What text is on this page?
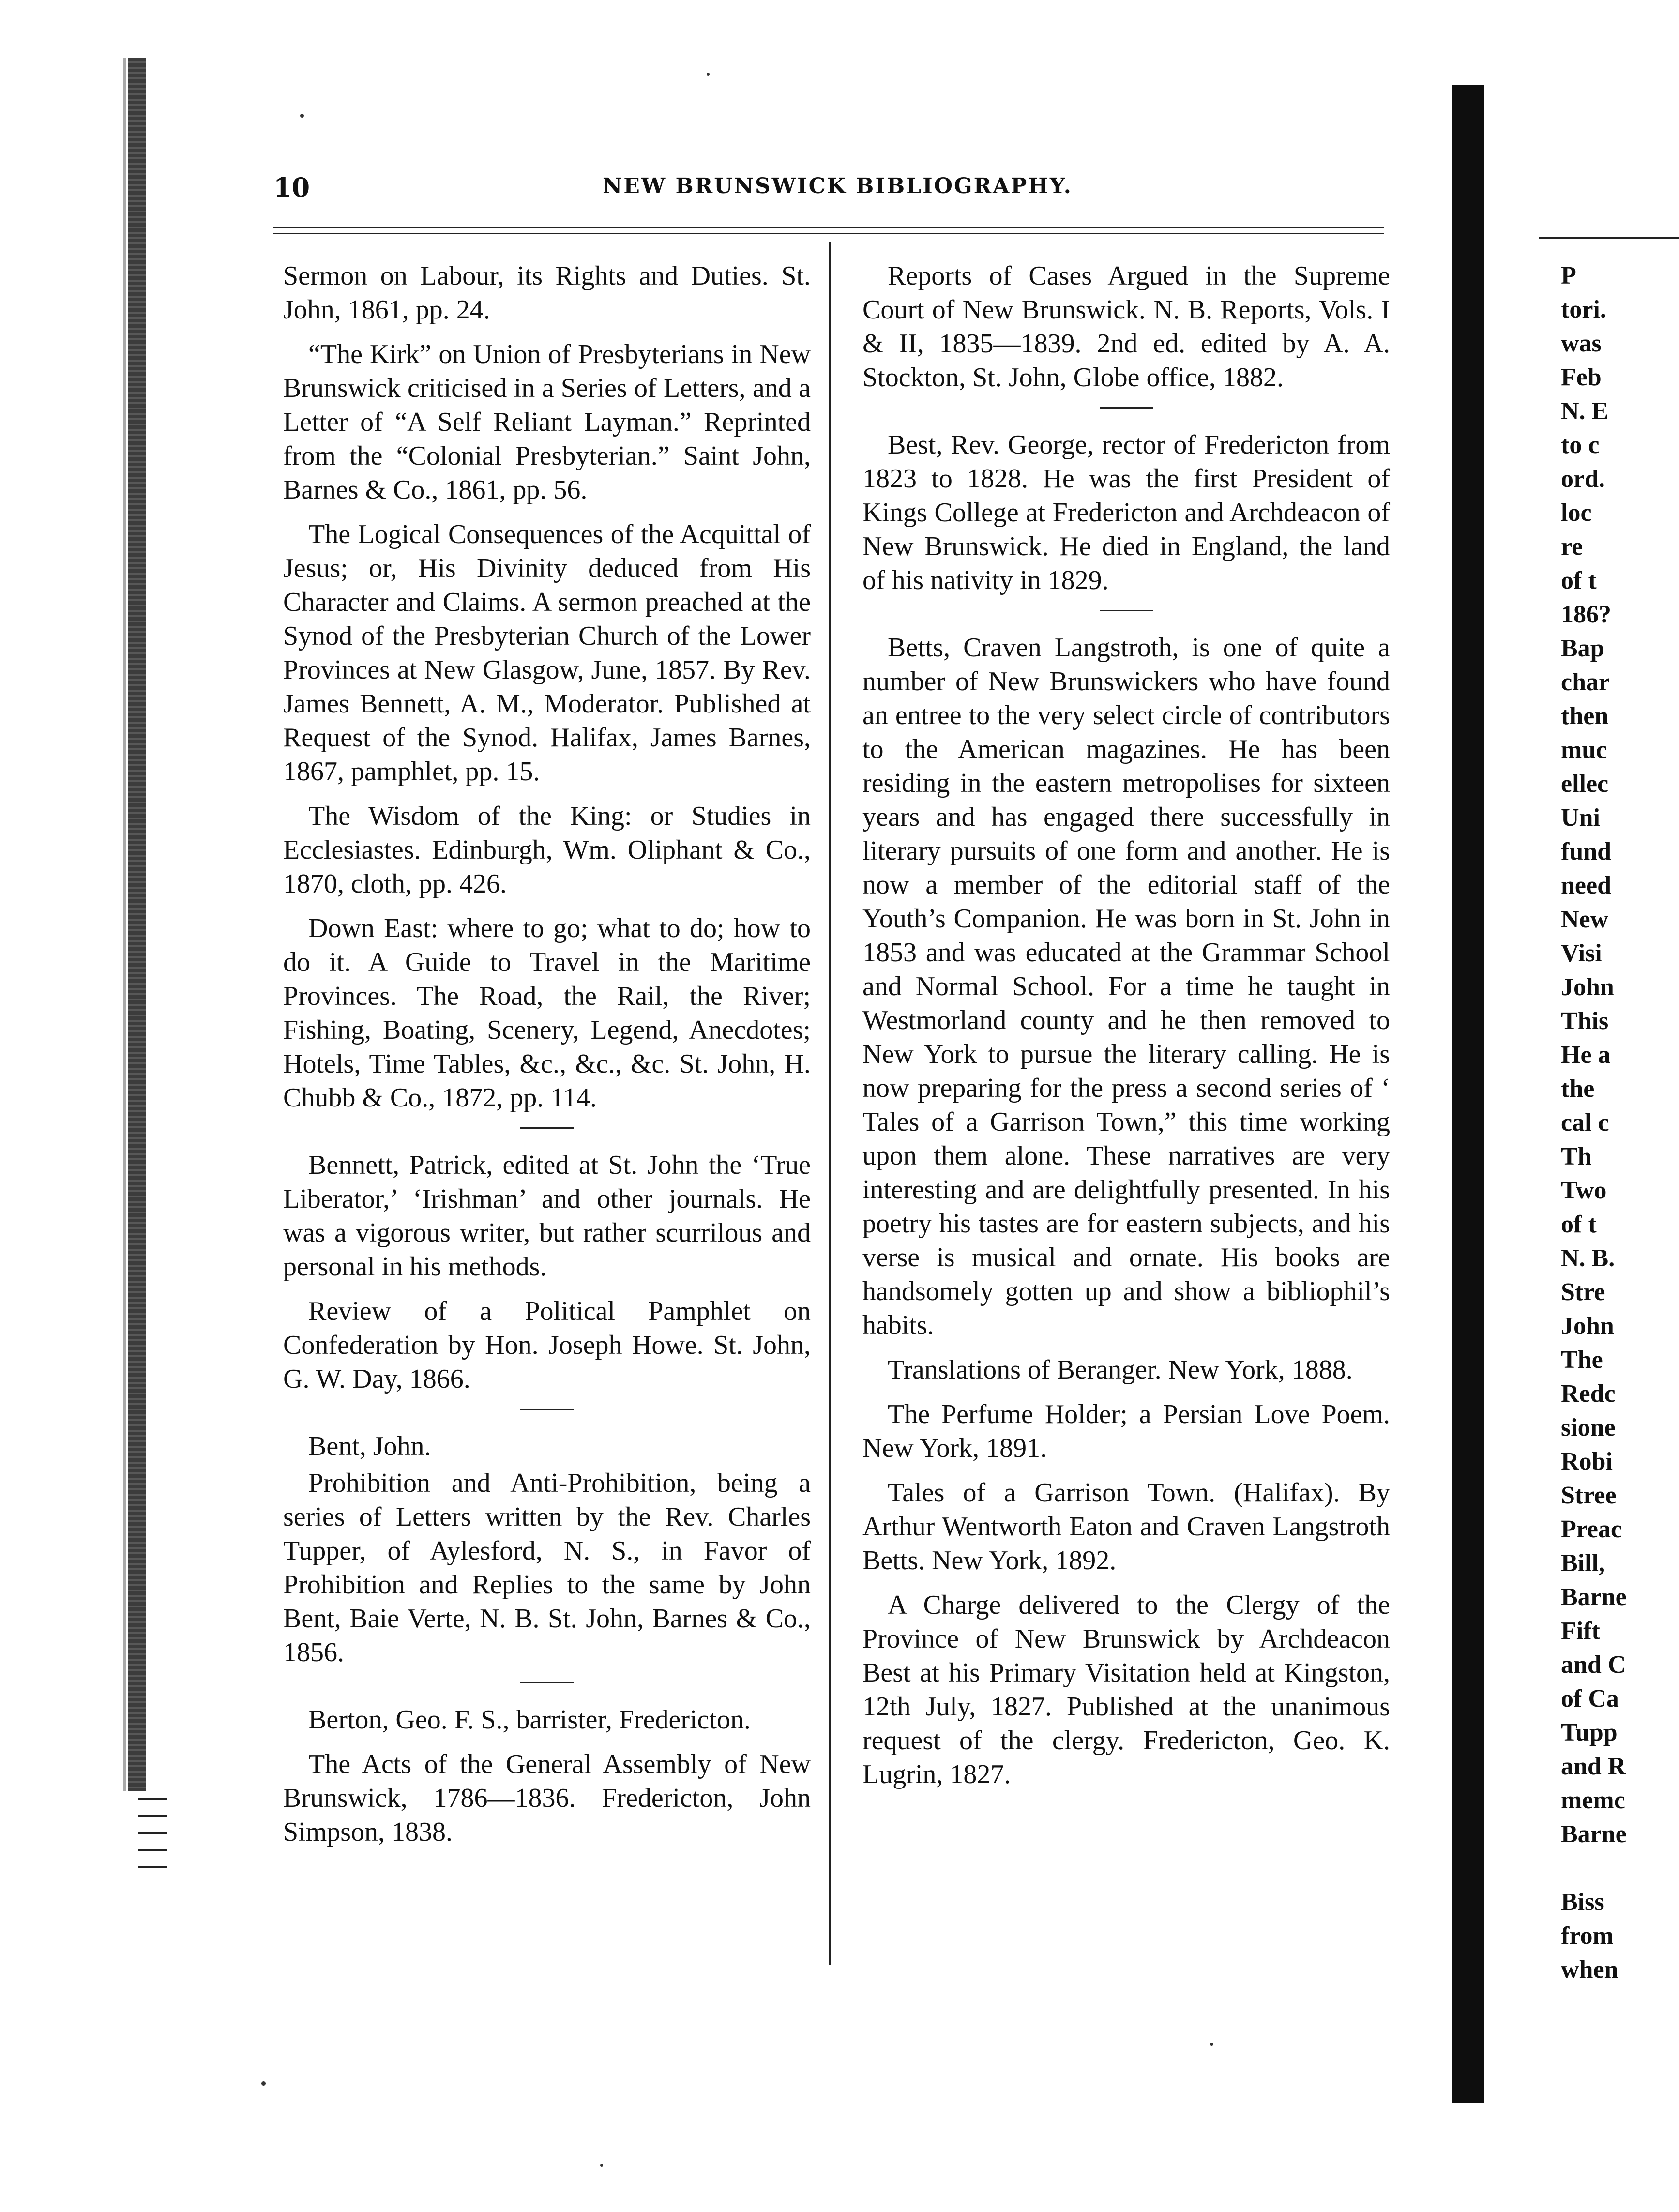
10	NEW BRUNSWICK BIBLIOGRAPHY.

Sermon on Labour, its Rights and Duties. St. John, 1861, pp. 24.

“The Kirk” on Union of Presbyterians in New Brunswick criticised in a Series of Letters, and a Letter of “A Self Reliant Layman.” Reprinted from the “Colonial Presbyterian.” Saint John, Barnes & Co., 1861, pp. 56.

The Logical Consequences of the Acquittal of Jesus; or, His Divinity deduced from His Character and Claims. A sermon preached at the Synod of the Presbyterian Church of the Lower Provinces at New Glasgow, June, 1857. By Rev. James Bennett, A. M., Moderator. Published at Request of the Synod. Halifax, James Barnes, 1867, pamphlet, pp. 15.

The Wisdom of the King: or Studies in Ecclesiastes. Edinburgh, Wm. Oliphant & Co., 1870, cloth, pp. 426.

Down East: where to go; what to do; how to do it. A Guide to Travel in the Maritime Provinces. The Road, the Rail, the River; Fishing, Boating, Scenery, Legend, Anecdotes; Hotels, Time Tables, &c., &c., &c. St. John, H. Chubb & Co., 1872, pp. 114.

Bennett, Patrick, edited at St. John the ‘True Liberator,’ ‘Irishman’ and other journals. He was a vigorous writer, but rather scurrilous and personal in his methods.

Review of a Political Pamphlet on Confederation by Hon. Joseph Howe. St. John, G. W. Day, 1866.

Bent, John.

Prohibition and Anti-Prohibition, being a series of Letters written by the Rev. Charles Tupper, of Aylesford, N. S., in Favor of Prohibition and Replies to the same by John Bent, Baie Verte, N. B. St. John, Barnes & Co., 1856.

Berton, Geo. F. S., barrister, Fredericton.

The Acts of the General Assembly of New Brunswick, 1786—1836. Fredericton, John Simpson, 1838.

Reports of Cases Argued in the Supreme Court of New Brunswick. N. B. Reports, Vols. I & II, 1835—1839. 2nd ed. edited by A. A. Stockton, St. John, Globe office, 1882.

Best, Rev. George, rector of Fredericton from 1823 to 1828. He was the first President of Kings College at Fredericton and Archdeacon of New Brunswick. He died in England, the land of his nativity in 1829.

Betts, Craven Langstroth, is one of quite a number of New Brunswickers who have found an entree to the very select circle of contributors to the American magazines. He has been residing in the eastern metropolises for sixteen years and has engaged there successfully in literary pursuits of one form and another. He is now a member of the editorial staff of the Youth’s Companion. He was born in St. John in 1853 and was educated at the Grammar School and Normal School. For a time he taught in Westmorland county and he then removed to New York to pursue the literary calling. He is now preparing for the press a second series of ‘ Tales of a Garrison Town,” this time working upon them alone. These narratives are very interesting and are delightfully presented. In his poetry his tastes are for eastern subjects, and his verse is musical and ornate. His books are handsomely gotten up and show a bibliophil’s habits.

Translations of Beranger. New York, 1888.

The Perfume Holder; a Persian Love Poem. New York, 1891.

Tales of a Garrison Town. (Halifax). By Arthur Wentworth Eaton and Craven Langstroth Betts. New York, 1892.

A Charge delivered to the Clergy of the Province of New Brunswick by Archdeacon Best at his Primary Visitation held at Kingston, 12th July, 1827. Published at the unanimous request of the clergy. Fredericton, Geo. K. Lugrin, 1827.

P
tori.
was
Feb
N. E
to c
ord.
loc
re
of t
186?
Bap
char
then
muc
ellec
Uni
fund
need
New
Visi
John
This
He a
the
cal c
Th
Two
of t
N. B.
Stre
John
The
Redc
sione
Robi
Stree
Preac
Bill,
Barne
Fift
and C
of Ca
Tupp
and R
memc
Barne
Biss
from
when
